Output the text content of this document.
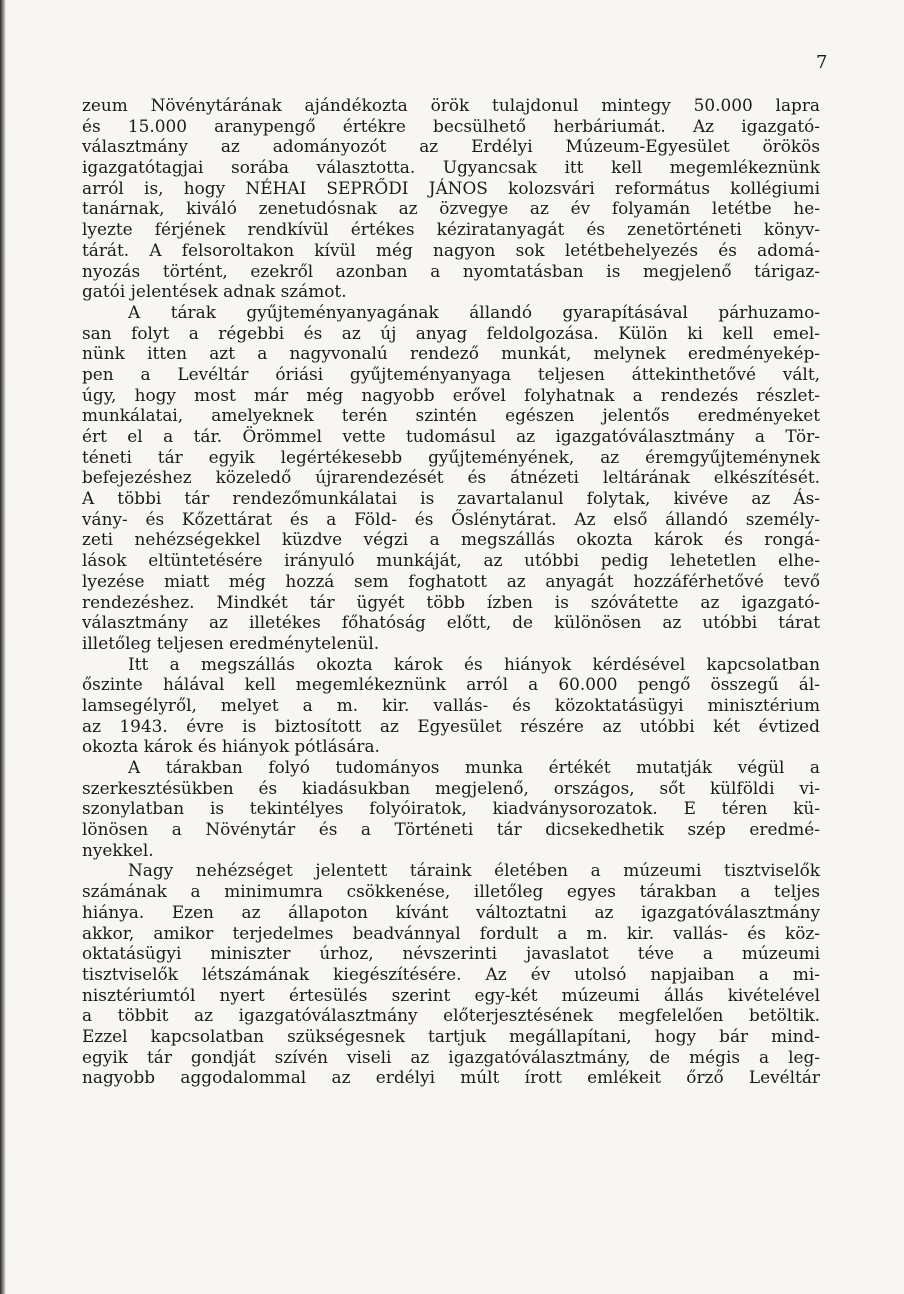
7
zeum Növénytárának ajándékozta örök tulajdonul mintegy 50.000 lapra
és 15.000 aranypengő értékre becsülhető herbáriumát. Az igazgató-
választmány az adományozót az Erdélyi Múzeum-Egyesület örökös
igazgatótagjai sorába választotta. Ugyancsak itt kell megemlékeznünk
arról is, hogy NÉHAI SEPRŐDI JÁNOS kolozsvári református kollégiumi
tanárnak, kiváló zenetudósnak az özvegye az év folyamán letétbe he-
lyezte férjének rendkívül értékes kéziratanyagát és zenetörténeti könyv-
tárát. A felsoroltakon kívül még nagyon sok letétbehelyezés és adomá-
nyozás történt, ezekről azonban a nyomtatásban is megjelenő tárigaz-
gatói jelentések adnak számot.
A tárak gyűjteményanyagának állandó gyarapításával párhuzamo-
san folyt a régebbi és az új anyag feldolgozása. Külön ki kell emel-
nünk itten azt a nagyvonalú rendező munkát, melynek eredményekép-
pen a Levéltár óriási gyűjteményanyaga teljesen áttekinthetővé vált,
úgy, hogy most már még nagyobb erővel folyhatnak a rendezés részlet-
munkálatai, amelyeknek terén szintén egészen jelentős eredményeket
ért el a tár. Örömmel vette tudomásul az igazgatóválasztmány a Tör-
téneti tár egyik legértékesebb gyűjteményének, az éremgyűjteménynek
befejezéshez közeledő újrarendezését és átnézeti leltárának elkészítését.
A többi tár rendezőmunkálatai is zavartalanul folytak, kivéve az Ás-
vány- és Kőzettárat és a Föld- és Őslénytárat. Az első állandó személy-
zeti nehézségekkel küzdve végzi a megszállás okozta károk és rongá-
lások eltüntetésére irányuló munkáját, az utóbbi pedig lehetetlen elhe-
lyezése miatt még hozzá sem foghatott az anyagát hozzáférhetővé tevő
rendezéshez. Mindkét tár ügyét több ízben is szóvátette az igazgató-
választmány az illetékes főhatóság előtt, de különösen az utóbbi tárat
illetőleg teljesen eredménytelenül.
Itt a megszállás okozta károk és hiányok kérdésével kapcsolatban
őszinte hálával kell megemlékeznünk arról a 60.000 pengő összegű ál-
lamsegélyről, melyet a m. kir. vallás- és közoktatásügyi minisztérium
az 1943. évre is biztosított az Egyesület részére az utóbbi két évtized
okozta károk és hiányok pótlására.
A tárakban folyó tudományos munka értékét mutatják végül a
szerkesztésükben és kiadásukban megjelenő, országos, sőt külföldi vi-
szonylatban is tekintélyes folyóiratok, kiadványsorozatok. E téren kü-
lönösen a Növénytár és a Történeti tár dicsekedhetik szép eredmé-
nyekkel.
Nagy nehézséget jelentett táraink életében a múzeumi tisztviselők
számának a minimumra csökkenése, illetőleg egyes tárakban a teljes
hiánya. Ezen az állapoton kívánt változtatni az igazgatóválasztmány
akkor, amikor terjedelmes beadvánnyal fordult a m. kir. vallás- és köz-
oktatásügyi miniszter úrhoz, névszerinti javaslatot téve a múzeumi
tisztviselők létszámának kiegészítésére. Az év utolsó napjaiban a mi-
nisztériumtól nyert értesülés szerint egy-két múzeumi állás kivételével
a többit az igazgatóválasztmány előterjesztésének megfelelően betöltik.
Ezzel kapcsolatban szükségesnek tartjuk megállapítani, hogy bár mind-
egyik tár gondját szívén viseli az igazgatóválasztmány, de mégis a leg-
nagyobb aggodalommal az erdélyi múlt írott emlékeit őrző Levéltár
